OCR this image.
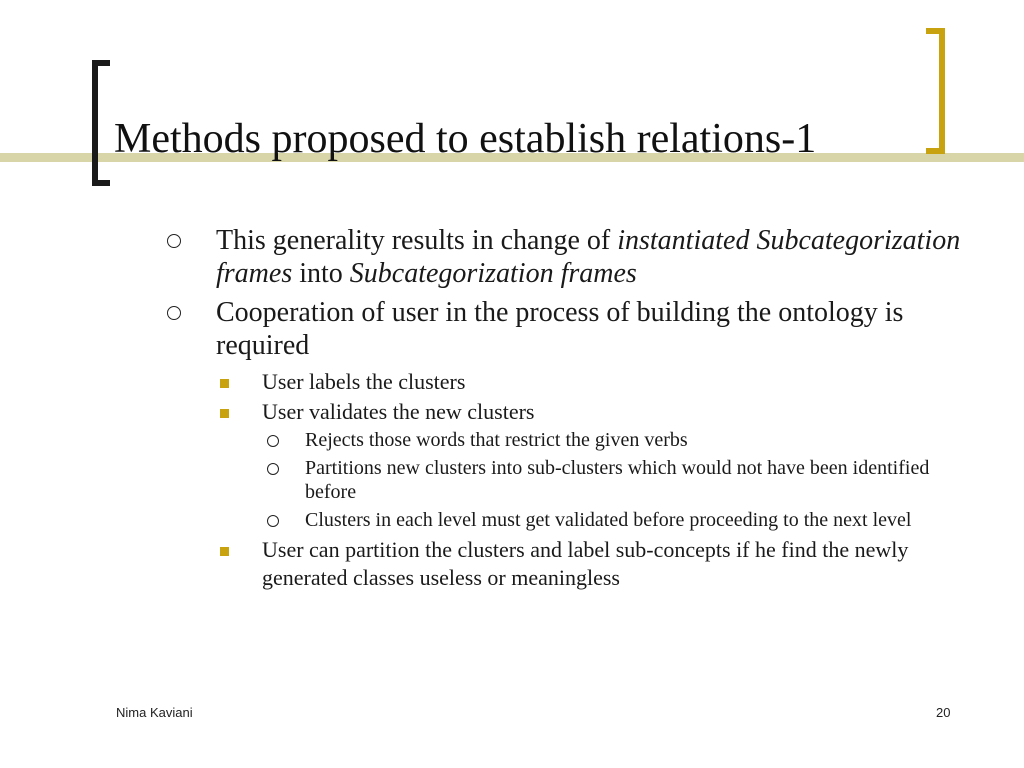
Methods proposed to establish relations-1

This generality results in change of instantiated Subcategorization frames into Subcategorization frames

Cooperation of user in the process of building the ontology is required

User labels the clusters

User validates the new clusters

Rejects those words that restrict the given verbs

Partitions new clusters into sub-clusters which would not have been identified before

Clusters in each level must get validated before proceeding to the next level

User can partition the clusters and label sub-concepts if he find the newly generated classes useless or meaningless

Nima Kaviani	20
